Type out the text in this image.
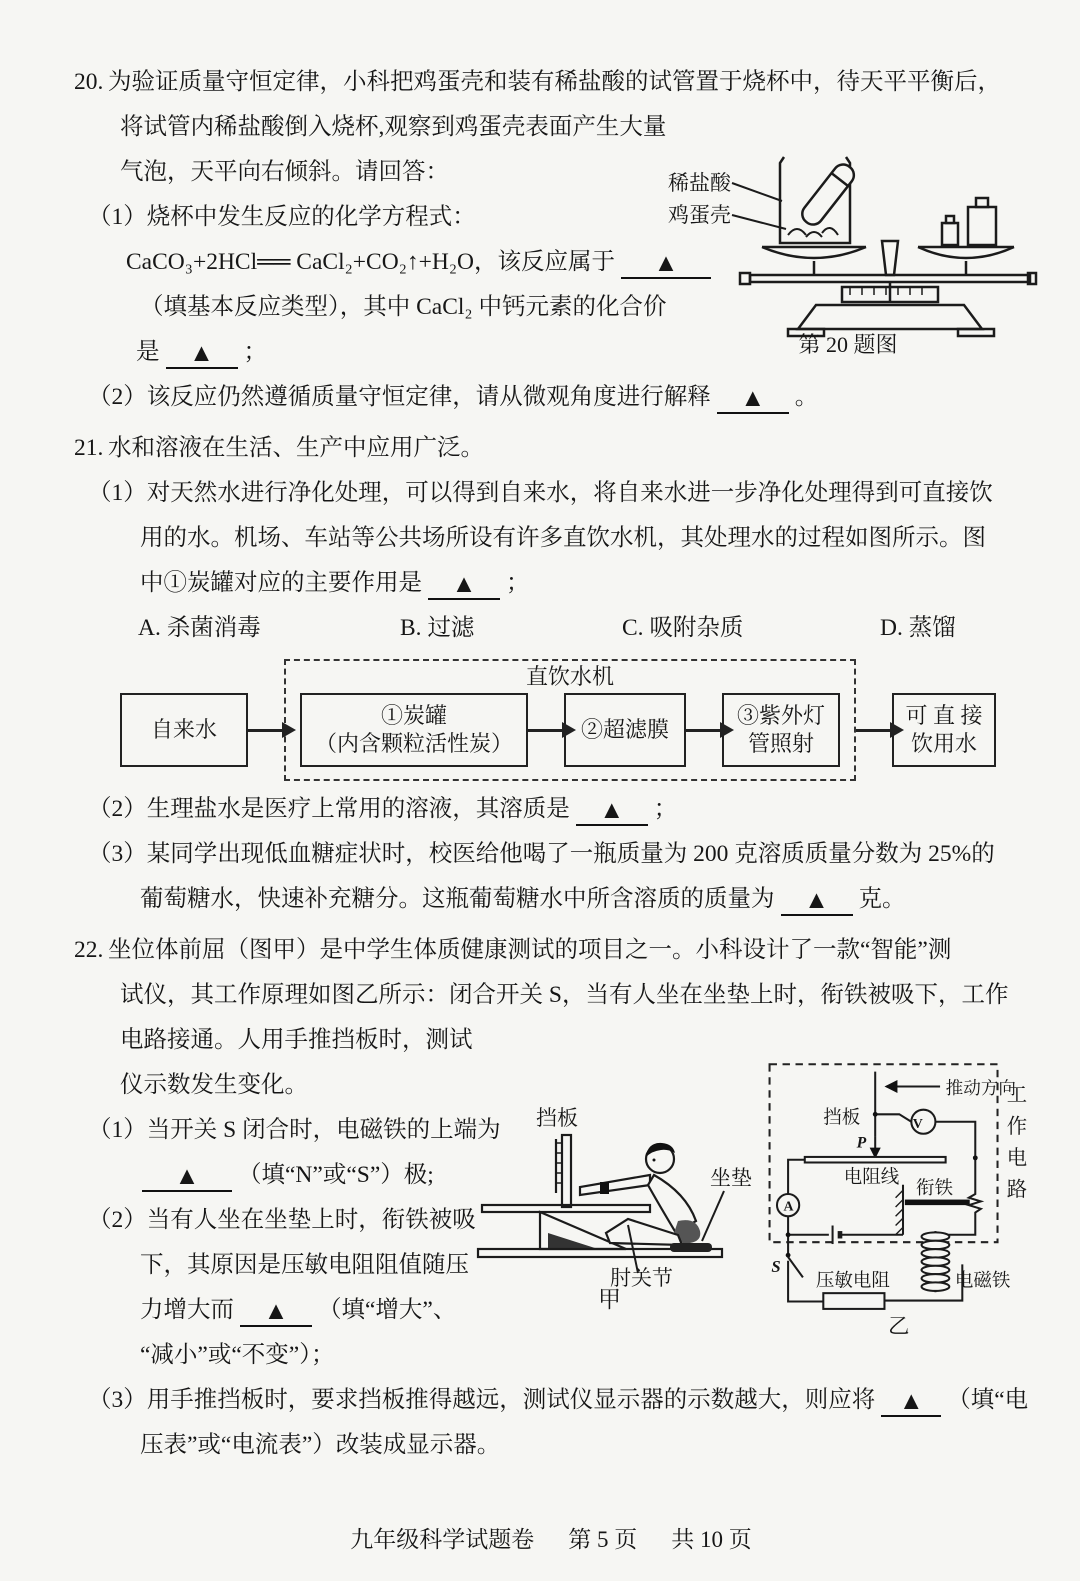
20. 为验证质量守恒定律，小科把鸡蛋壳和装有稀盐酸的试管置于烧杯中，待天平平衡后，
稀盐酸
鸡蛋壳
第 20 题图
将试管内稀盐酸倒入烧杯,观察到鸡蛋壳表面产生大量
气泡，天平向右倾斜。请回答：
（1）烧杯中发生反应的化学方程式：
CaCO₃+2HCl══ CaCl₂+CO₂↑+H₂O，该反应属于 ▲
（填基本反应类型），其中 CaCl₂ 中钙元素的化合价
是 ▲ ；
（2）该反应仍然遵循质量守恒定律，请从微观角度进行解释 ▲ 。
21. 水和溶液在生活、生产中应用广泛。
（1）对天然水进行净化处理，可以得到自来水，将自来水进一步净化处理得到可直接饮
用的水。机场、车站等公共场所设有许多直饮水机，其处理水的过程如图所示。图
中①炭罐对应的主要作用是 ▲ ；
A. 杀菌消毒	B. 过滤	C. 吸附杂质	D. 蒸馏
自来水
直饮水机
①炭罐
（内含颗粒活性炭）
②超滤膜
③紫外灯
管照射
可 直 接
饮用水
（2）生理盐水是医疗上常用的溶液，其溶质是 ▲ ；
（3）某同学出现低血糖症状时，校医给他喝了一瓶质量为 200 克溶质质量分数为 25%的
葡萄糖水，快速补充糖分。这瓶葡萄糖水中所含溶质的质量为 ▲ 克。
22. 坐位体前屈（图甲）是中学生体质健康测试的项目之一。小科设计了一款“智能”测
试仪，其工作原理如图乙所示：闭合开关 S，当有人坐在坐垫上时，衔铁被吸下，工作
挡板
坐垫
肘关节
甲
工
作
电
路
V
A
挡板
推动方向
P
电阻线
衔铁
S
压敏电阻	电磁铁
乙
电路接通。人用手推挡板时，测试
仪示数发生变化。
（1）当开关 S 闭合时，电磁铁的上端为
▲ （填“N”或“S”）极;
（2）当有人坐在坐垫上时，衔铁被吸
下，其原因是压敏电阻阻值随压
力增大而 ▲ （填“增大”、
“减小”或“不变”）；
（3）用手推挡板时，要求挡板推得越远，测试仪显示器的示数越大，则应将 ▲ （填“电
压表”或“电流表”）改装成显示器。
九年级科学试题卷 第 5 页 共 10 页
